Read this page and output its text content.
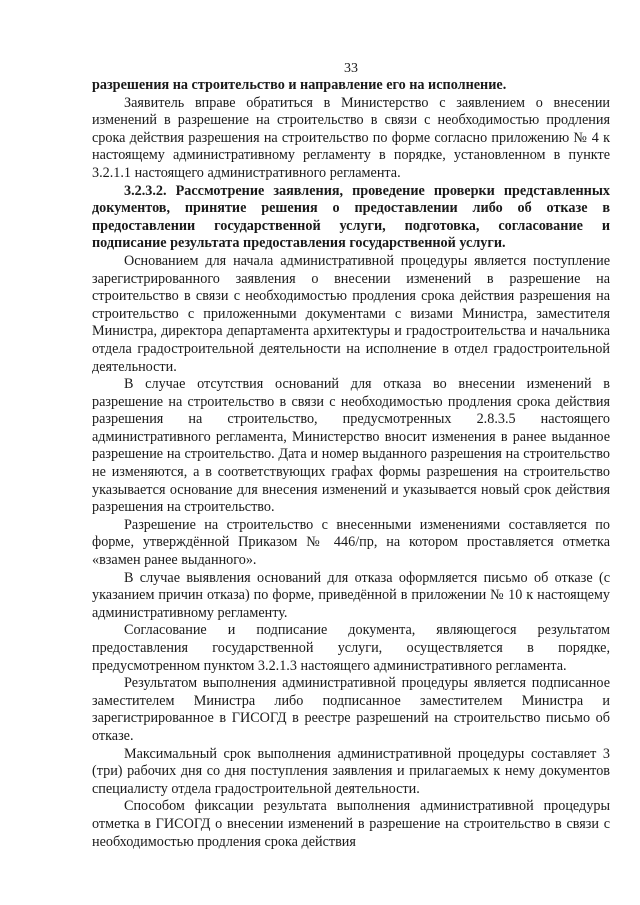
33

разрешения на строительство и направление его на исполнение.

Заявитель вправе обратиться в Министерство с заявлением о внесении изменений в разрешение на строительство в связи с необходимостью продления срока действия разрешения на строительство по форме согласно приложению № 4 к настоящему административному регламенту в порядке, установленном в пункте 3.2.1.1 настоящего административного регламента.

3.2.3.2. Рассмотрение заявления, проведение проверки представленных документов, принятие решения о предоставлении либо об отказе в предоставлении государственной услуги, подготовка, согласование и подписание результата предоставления государственной услуги.

Основанием для начала административной процедуры является поступление зарегистрированного заявления о внесении изменений в разрешение на строительство в связи с необходимостью продления срока действия разрешения на строительство с приложенными документами с визами Министра, заместителя Министра, директора департамента архитектуры и градостроительства и начальника отдела градостроительной деятельности на исполнение в отдел градостроительной деятельности.

В случае отсутствия оснований для отказа во внесении изменений в разрешение на строительство в связи с необходимостью продления срока действия разрешения на строительство, предусмотренных 2.8.3.5 настоящего административного регламента, Министерство вносит изменения в ранее выданное разрешение на строительство. Дата и номер выданного разрешения на строительство не изменяются, а в соответствующих графах формы разрешения на строительство указывается основание для внесения изменений и указывается новый срок действия разрешения на строительство.

Разрешение на строительство с внесенными изменениями составляется по форме, утверждённой Приказом № 446/пр, на котором проставляется отметка «взамен ранее выданного».

В случае выявления оснований для отказа оформляется письмо об отказе (с указанием причин отказа) по форме, приведённой в приложении № 10 к настоящему административному регламенту.

Согласование и подписание документа, являющегося результатом предоставления государственной услуги, осуществляется в порядке, предусмотренном пунктом 3.2.1.3 настоящего административного регламента.

Результатом выполнения административной процедуры является подписанное заместителем Министра либо подписанное заместителем Министра и зарегистрированное в ГИСОГД в реестре разрешений на строительство письмо об отказе.

Максимальный срок выполнения административной процедуры составляет 3 (три) рабочих дня со дня поступления заявления и прилагаемых к нему документов специалисту отдела градостроительной деятельности.

Способом фиксации результата выполнения административной процедуры отметка в ГИСОГД о внесении изменений в разрешение на строительство в связи с необходимостью продления срока действия
